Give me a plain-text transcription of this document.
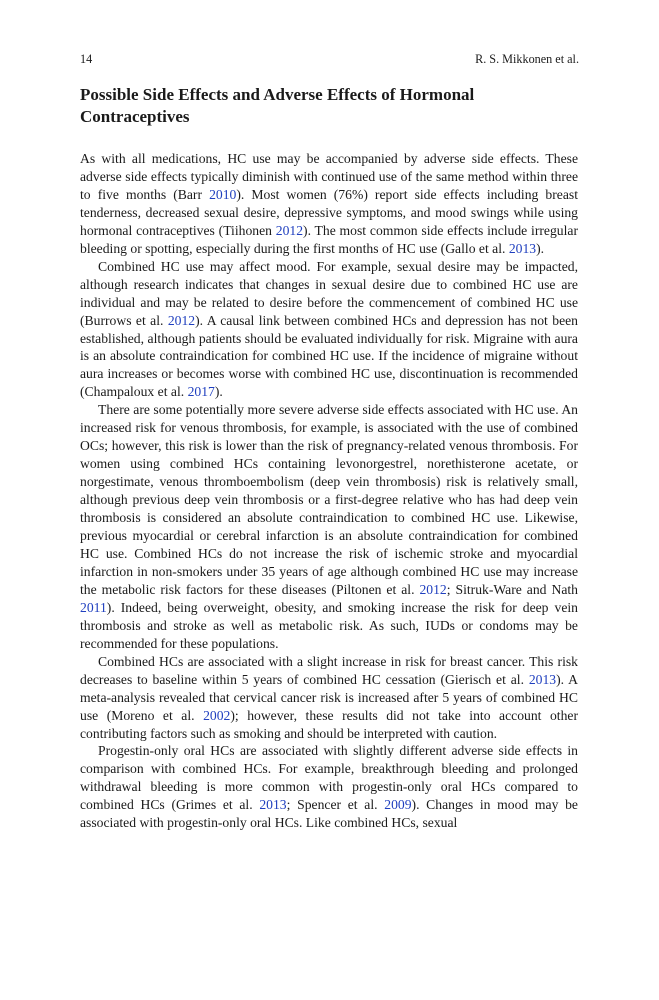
14	R. S. Mikkonen et al.
Possible Side Effects and Adverse Effects of Hormonal Contraceptives

As with all medications, HC use may be accompanied by adverse side effects. These adverse side effects typically diminish with continued use of the same method within three to five months (Barr 2010). Most women (76%) report side effects including breast tenderness, decreased sexual desire, depressive symptoms, and mood swings while using hormonal contraceptives (Tiihonen 2012). The most common side effects include irregular bleeding or spotting, especially during the first months of HC use (Gallo et al. 2013).

Combined HC use may affect mood. For example, sexual desire may be impacted, although research indicates that changes in sexual desire due to combined HC use are individual and may be related to desire before the commencement of combined HC use (Burrows et al. 2012). A causal link between combined HCs and depression has not been established, although patients should be evaluated individually for risk. Migraine with aura is an absolute contraindication for combined HC use. If the incidence of migraine without aura increases or becomes worse with combined HC use, discontinuation is recommended (Champaloux et al. 2017).

There are some potentially more severe adverse side effects associated with HC use. An increased risk for venous thrombosis, for example, is associated with the use of combined OCs; however, this risk is lower than the risk of pregnancy-related venous thrombosis. For women using combined HCs containing levonorgestrel, norethisterone acetate, or norgestimate, venous thromboembolism (deep vein thrombosis) risk is relatively small, although previous deep vein thrombosis or a first-degree relative who has had deep vein thrombosis is considered an absolute contraindication to combined HC use. Likewise, previous myocardial or cerebral infarction is an absolute contraindication for combined HC use. Combined HCs do not increase the risk of ischemic stroke and myocardial infarction in non-smokers under 35 years of age although combined HC use may increase the metabolic risk factors for these diseases (Piltonen et al. 2012; Sitruk-Ware and Nath 2011). Indeed, being overweight, obesity, and smoking increase the risk for deep vein thrombosis and stroke as well as metabolic risk. As such, IUDs or condoms may be recommended for these populations.

Combined HCs are associated with a slight increase in risk for breast cancer. This risk decreases to baseline within 5 years of combined HC cessation (Gierisch et al. 2013). A meta-analysis revealed that cervical cancer risk is increased after 5 years of combined HC use (Moreno et al. 2002); however, these results did not take into account other contributing factors such as smoking and should be interpreted with caution.

Progestin-only oral HCs are associated with slightly different adverse side effects in comparison with combined HCs. For example, breakthrough bleeding and prolonged withdrawal bleeding is more common with progestin-only oral HCs compared to combined HCs (Grimes et al. 2013; Spencer et al. 2009). Changes in mood may be associated with progestin-only oral HCs. Like combined HCs, sexual
